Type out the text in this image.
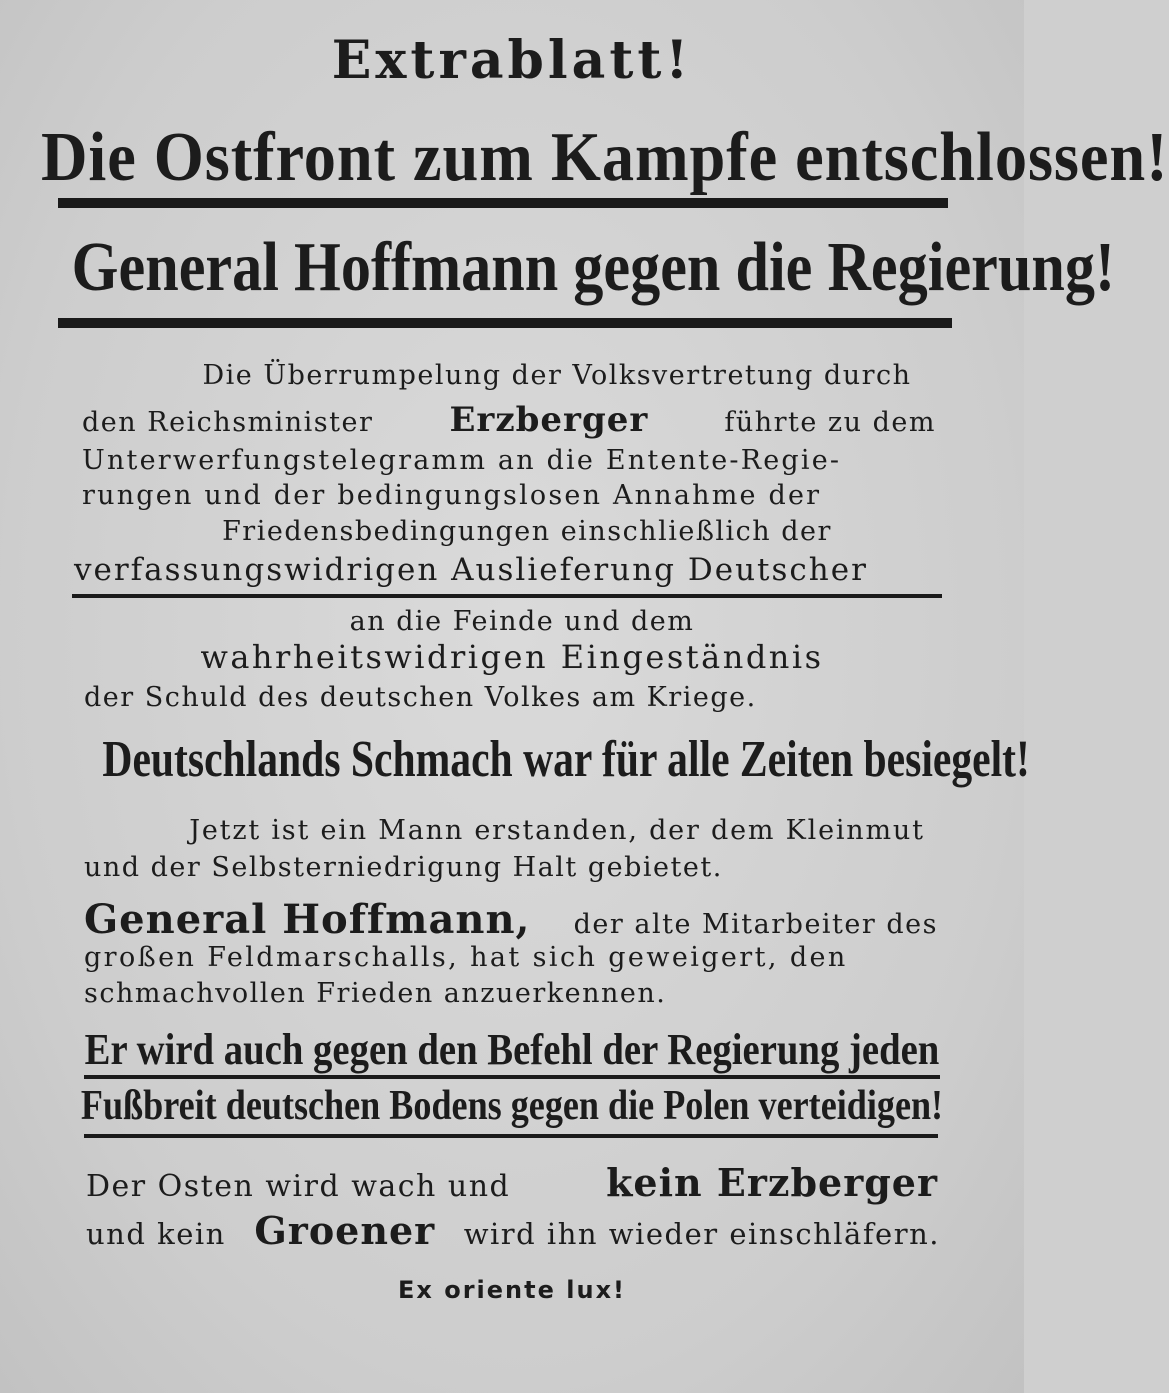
Extrablatt!
Die Ostfront zum Kampfe entschlossen!
General Hoffmann gegen die Regierung!
Die Überrumpelung der Volksvertretung durch
den Reichsminister Erzberger	führte zu dem
Unterwerfungstelegramm an die Entente-Regie-
rungen und der bedingungslosen Annahme der
Friedensbedingungen einschließlich der
verfassungswidrigen Auslieferung Deutscher
an die Feinde und dem
wahrheitswidrigen Eingeständnis
der Schuld des deutschen Volkes am Kriege.
Deutschlands Schmach war für alle Zeiten besiegelt!
Jetzt ist ein Mann erstanden, der dem Kleinmut
und der Selbsterniedrigung Halt gebietet.
General Hoffmann, der alte Mitarbeiter des
großen Feldmarschalls, hat sich geweigert, den
schmachvollen Frieden anzuerkennen.
Er wird auch gegen den Befehl der Regierung jeden
Fußbreit deutschen Bodens gegen die Polen verteidigen!
Der Osten wird wach und	kein Erzberger
und kein Groener wird ihn wieder einschläfern.
Ex oriente lux!
